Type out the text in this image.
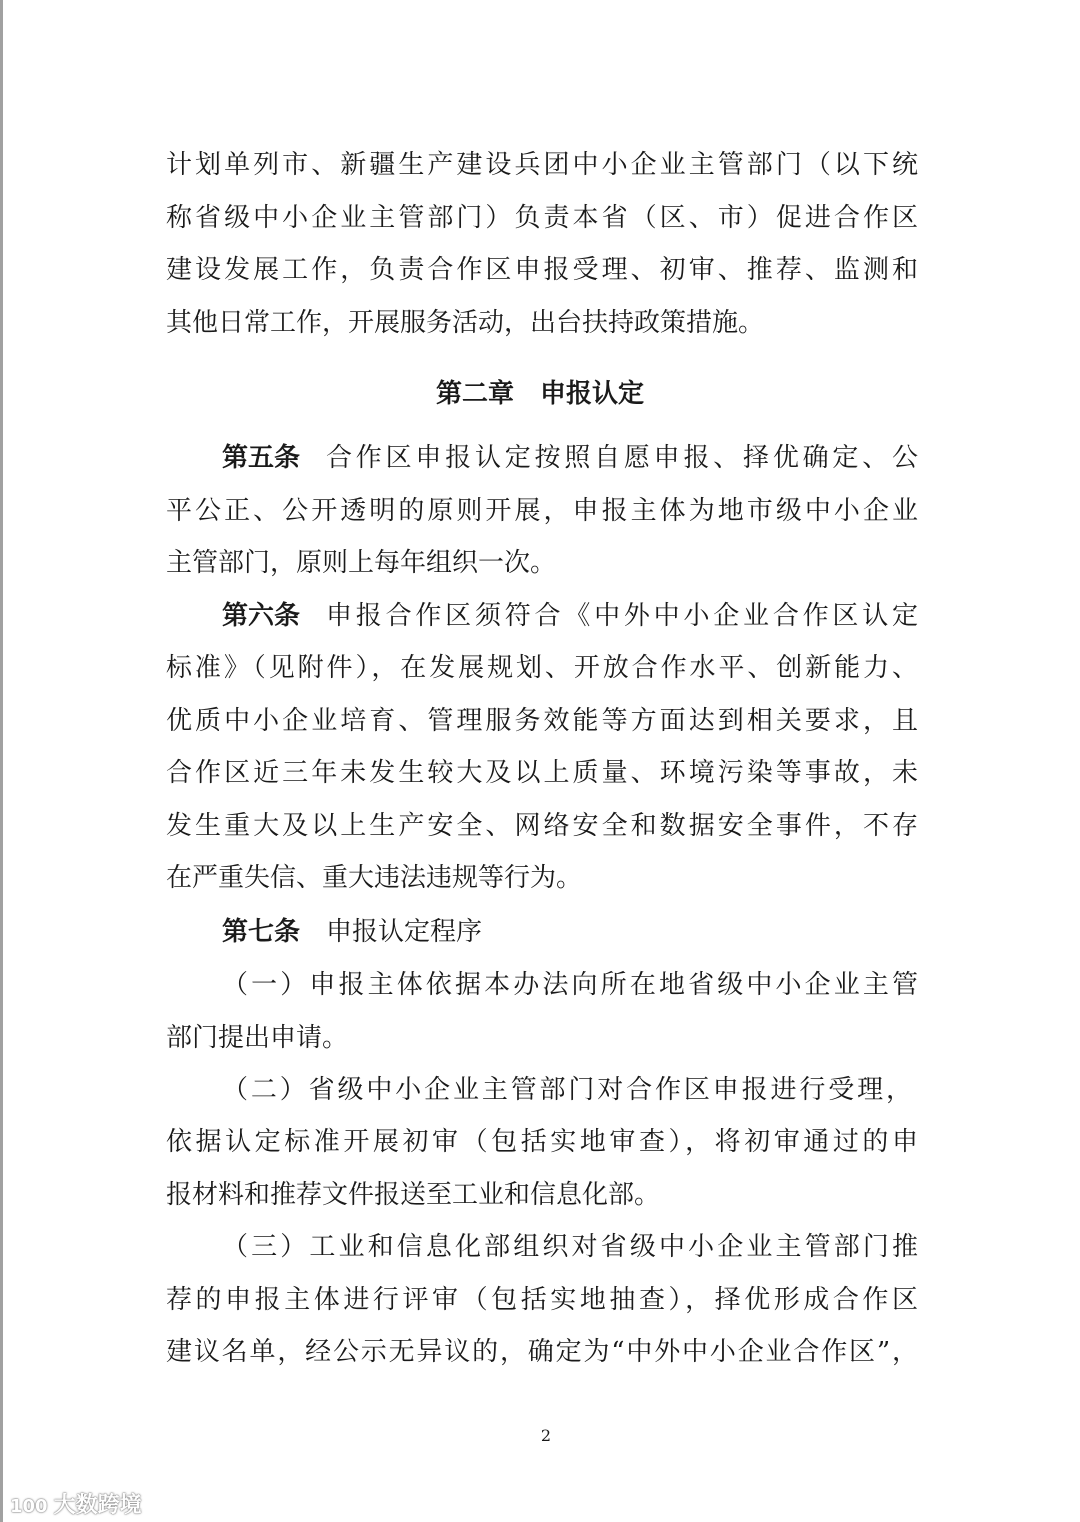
计划单列市、新疆生产建设兵团中小企业主管部门（以下统
称省级中小企业主管部门）负责本省（区、市）促进合作区
建设发展工作，负责合作区申报受理、初审、推荐、监测和
其他日常工作，开展服务活动，出台扶持政策措施。
第二章　申报认定
第五条 合作区申报认定按照自愿申报、择优确定、公
平公正、公开透明的原则开展，申报主体为地市级中小企业
主管部门，原则上每年组织一次。
第六条 申报合作区须符合《中外中小企业合作区认定
标准》（见附件），在发展规划、开放合作水平、创新能力、
优质中小企业培育、管理服务效能等方面达到相关要求，且
合作区近三年未发生较大及以上质量、环境污染等事故，未
发生重大及以上生产安全、网络安全和数据安全事件，不存
在严重失信、重大违法违规等行为。
第七条 申报认定程序
（一）申报主体依据本办法向所在地省级中小企业主管
部门提出申请。
（二）省级中小企业主管部门对合作区申报进行受理，
依据认定标准开展初审（包括实地审查），将初审通过的申
报材料和推荐文件报送至工业和信息化部。
（三）工业和信息化部组织对省级中小企业主管部门推
荐的申报主体进行评审（包括实地抽查），择优形成合作区
建议名单，经公示无异议的，确定为“中外中小企业合作区”，
2
100 大数跨境
